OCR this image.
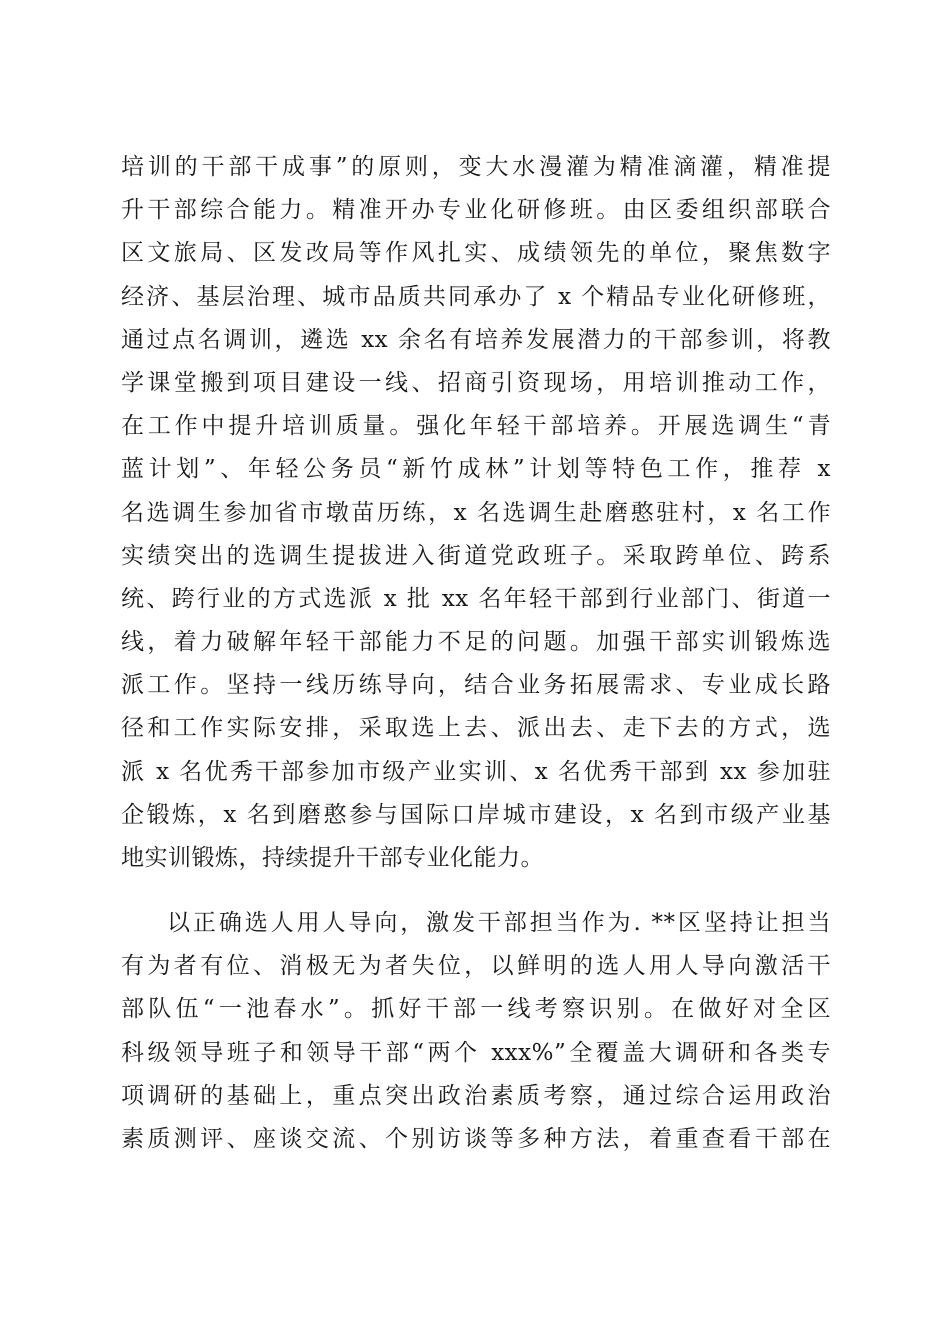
培训的干部干成事”的原则，变大水漫灌为精准滴灌，精准提
升干部综合能力。精准开办专业化研修班。由区委组织部联合
区文旅局、区发改局等作风扎实、成绩领先的单位，聚焦数字
经济、基层治理、城市品质共同承办了 x 个精品专业化研修班，
通过点名调训，遴选 xx 余名有培养发展潜力的干部参训，将教
学课堂搬到项目建设一线、招商引资现场，用培训推动工作，
在工作中提升培训质量。强化年轻干部培养。开展选调生“青
蓝计划”、年轻公务员“新竹成林”计划等特色工作，推荐 x
名选调生参加省市墩苗历练，x 名选调生赴磨憨驻村，x 名工作
实绩突出的选调生提拔进入街道党政班子。采取跨单位、跨系
统、跨行业的方式选派 x 批 xx 名年轻干部到行业部门、街道一
线，着力破解年轻干部能力不足的问题。加强干部实训锻炼选
派工作。坚持一线历练导向，结合业务拓展需求、专业成长路
径和工作实际安排，采取选上去、派出去、走下去的方式，选
派 x 名优秀干部参加市级产业实训、x 名优秀干部到 xx 参加驻
企锻炼，x 名到磨憨参与国际口岸城市建设，x 名到市级产业基
地实训锻炼，持续提升干部专业化能力。
以正确选人用人导向，激发干部担当作为. **区坚持让担当
有为者有位、消极无为者失位，以鲜明的选人用人导向激活干
部队伍“一池春水”。抓好干部一线考察识别。在做好对全区
科级领导班子和领导干部“两个 xxx%”全覆盖大调研和各类专
项调研的基础上，重点突出政治素质考察，通过综合运用政治
素质测评、座谈交流、个别访谈等多种方法，着重查看干部在
